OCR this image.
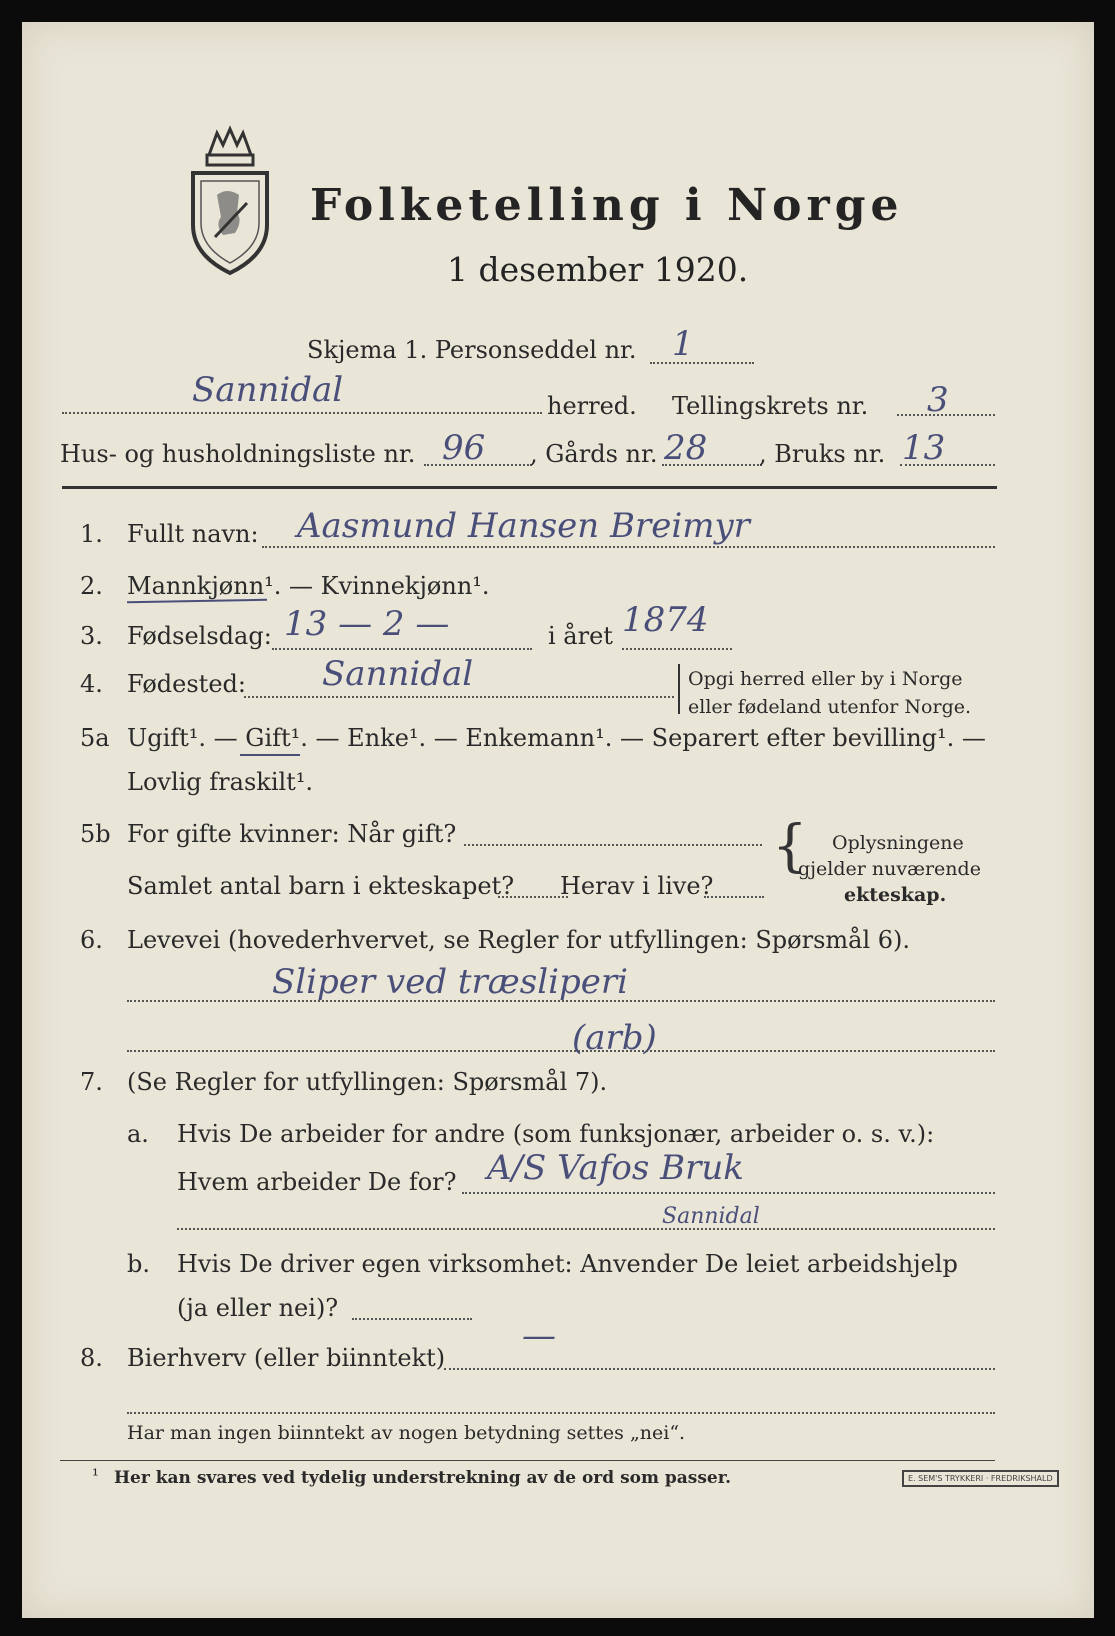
Folketelling i Norge
1 desember 1920.
Skjema 1. Personseddel nr. 1
Sannidal	herred. Tellingskrets nr. 3
Hus- og husholdningsliste nr. 96 , Gårds nr. 28 , Bruks nr. 13
1. Fullt navn: Aasmund Hansen Breimyr
2. Mannkjønn¹. — Kvinnekjønn¹.
3. Fødselsdag: 13 — 2 —	i året 1874
4. Fødested: Sannidal	Opgi herred eller by i Norge
eller fødeland utenfor Norge.
5a Ugift¹. — Gift¹. — Enke¹. — Enkemann¹. — Separert efter bevilling¹. —
Lovlig fraskilt¹.
5b For gifte kvinner: Når gift?
Samlet antal barn i ekteskapet? Herav i live?
{ Oplysningene
gjelder nuværende
ekteskap.
6. Levevei (hovederhvervet, se Regler for utfyllingen: Spørsmål 6).
Sliper ved træsliperi
(arb)
7. (Se Regler for utfyllingen: Spørsmål 7).
a. Hvis De arbeider for andre (som funksjonær, arbeider o. s. v.):
Hvem arbeider De for? A/S Vafos Bruk
Sannidal
b. Hvis De driver egen virksomhet: Anvender De leiet arbeidshjelp
(ja eller nei)?
8. Bierhverv (eller biinntekt)
—
Har man ingen biinntekt av nogen betydning settes „nei“.
¹ Her kan svares ved tydelig understrekning av de ord som passer.	E. SEM'S TRYKKERI · FREDRIKSHALD
